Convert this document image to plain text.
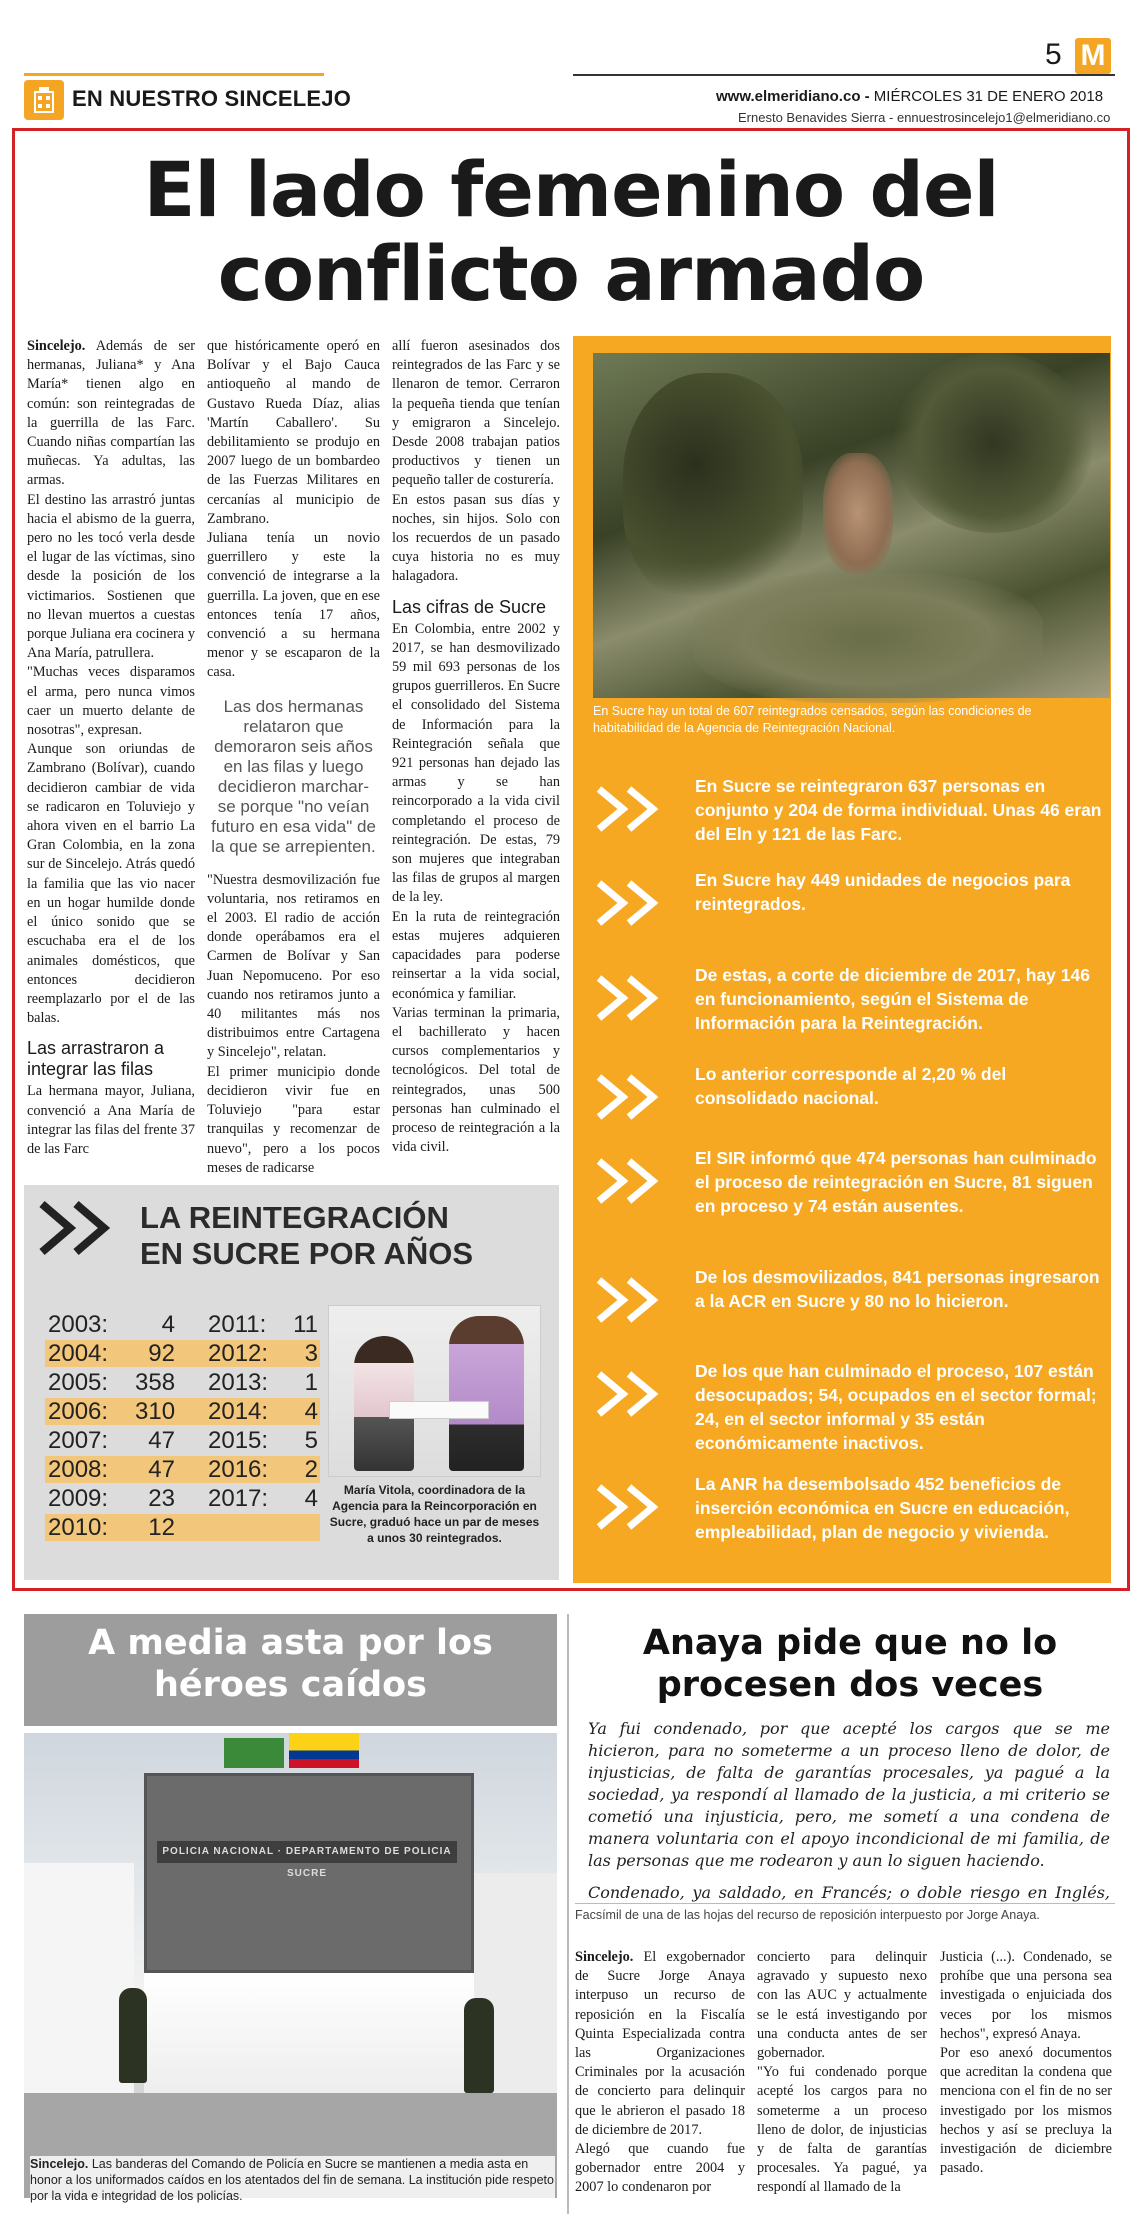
5 M
EN NUESTRO SINCELEJO	www.elmeridiano.co - MIÉRCOLES 31 DE ENERO 2018
Ernesto Benavides Sierra - ennuestrosincelejo1@elmeridiano.co
El lado femenino del
conflicto armado

Sincelejo. Además de ser hermanas, Juliana* y Ana María* tienen algo en común: son reintegradas de la guerrilla de las Farc. Cuando niñas compartían las muñecas. Ya adultas, las armas.

El destino las arrastró juntas hacia el abismo de la guerra, pero no les tocó verla desde el lugar de las víctimas, sino desde la posición de los victimarios. Sostienen que no llevan muertos a cuestas porque Juliana era cocinera y Ana María, patrullera.

"Muchas veces disparamos el arma, pero nunca vimos caer un muerto delante de nosotras", expresan.

Aunque son oriundas de Zambrano (Bolívar), cuando decidieron cambiar de vida se radicaron en Toluviejo y ahora viven en el barrio La Gran Colombia, en la zona sur de Sincelejo. Atrás quedó la familia que las vio nacer en un hogar humilde donde el único sonido que se escuchaba era el de los animales domésticos, que entonces decidieron reemplazarlo por el de las balas.

Las arrastraron a integrar las filas

La hermana mayor, Juliana, convenció a Ana María de integrar las filas del frente 37 de las Farc

que históricamente operó en Bolívar y el Bajo Cauca antioqueño al mando de Gustavo Rueda Díaz, alias 'Martín Caballero'. Su debilitamiento se produjo en 2007 luego de un bombardeo de las Fuerzas Militares en cercanías al municipio de Zambrano.

Juliana tenía un novio guerrillero y este la convenció de integrarse a la guerrilla. La joven, que en ese entonces tenía 17 años, convenció a su hermana menor y se escaparon de la casa.

Las dos hermanas relataron que demoraron seis años en las filas y luego decidieron marchar-se porque "no veían futuro en esa vida" de la que se arrepienten.

"Nuestra desmovilización fue voluntaria, nos retiramos en el 2003. El radio de acción donde operábamos era el Carmen de Bolívar y San Juan Nepomuceno. Por eso cuando nos retiramos junto a 40 militantes más nos distribuimos entre Cartagena y Sincelejo", relatan.

El primer municipio donde decidieron vivir fue en Toluviejo "para estar tranquilas y recomenzar de nuevo", pero a los pocos meses de radicarse

allí fueron asesinados dos reintegrados de las Farc y se llenaron de temor. Cerraron la pequeña tienda que tenían y emigraron a Sincelejo. Desde 2008 trabajan patios productivos y tienen un pequeño taller de costurería.

En estos pasan sus días y noches, sin hijos. Solo con los recuerdos de un pasado cuya historia no es muy halagadora.

Las cifras de Sucre

En Colombia, entre 2002 y 2017, se han desmovilizado 59 mil 693 personas de los grupos guerrilleros. En Sucre el consolidado del Sistema de Información para la Reintegración señala que 921 personas han dejado las armas y se han reincorporado a la vida civil completando el proceso de reintegración. De estas, 79 son mujeres que integraban las filas de grupos al margen de la ley.

En la ruta de reintegración estas mujeres adquieren capacidades para poderse reinsertar a la vida social, económica y familiar.

Varias terminan la primaria, el bachillerato y hacen cursos complementarios y tecnológicos. Del total de reintegrados, unas 500 personas han culminado el proceso de reintegración a la vida civil.

En Sucre hay un total de 607 reintegrados censados, según las condiciones de habitabilidad de la Agencia de Reintegración Nacional.
En Sucre se reintegraron 637 personas en conjunto y 204 de forma individual. Unas 46 eran del Eln y 121 de las Farc.
En Sucre hay 449 unidades de negocios para reintegrados.
De estas, a corte de diciembre de 2017, hay 146 en funcionamiento, según el Sistema de Información para la Reintegración.
Lo anterior corresponde al 2,20 % del consolidado nacional.
El SIR informó que 474 personas han culminado el proceso de reintegración en Sucre, 81 siguen en proceso y 74 están ausentes.
De los desmovilizados, 841 personas ingresaron a la ACR en Sucre y 80 no lo hicieron.
De los que han culminado el proceso, 107 están desocupados; 54, ocupados en el sector formal; 24, en el sector informal y 35 están económicamente inactivos.
La ANR ha desembolsado 452 beneficios de inserción económica en Sucre en educación, empleabilidad, plan de negocio y vivienda.
LA REINTEGRACIÓN
EN SUCRE POR AÑOS
2003:	4 2011:	11
2004:	92 2012:	3
2005: 358 2013:	1
2006: 310 2014:	4
2007:	47 2015:	5
2008:	47 2016:	2
2009:	23 2017:	4
2010:	12
María Vitola, coordinadora de la Agencia para la Reincorporación en Sucre, graduó hace un par de meses a unos 30 reintegrados.
A media asta por los
héroes caídos
POLICIA NACIONAL · DEPARTAMENTO DE POLICIA SUCRE
Sincelejo. Las banderas del Comando de Policía en Sucre se mantienen a media asta en honor a los uniformados caídos en los atentados del fin de semana. La institución pide respeto por la vida e integridad de los policías.
Anaya pide que no lo
procesen dos veces

Ya fui condenado, por que acepté los cargos que se me hicieron, para no someterme a un proceso lleno de dolor, de injusticias, de falta de garantías procesales, ya pagué a la sociedad, ya respondí al llamado de la justicia, a mi criterio se cometió una injusticia, pero, me sometí a una condena de manera voluntaria con el apoyo incondicional de mi familia, de las personas que me rodearon y aun lo siguen haciendo.

Condenado, ya saldado, en Francés; o doble riesgo en Inglés,

Facsímil de una de las hojas del recurso de reposición interpuesto por Jorge Anaya.

Sincelejo. El exgobernador de Sucre Jorge Anaya interpuso un recurso de reposición en la Fiscalía Quinta Especializada contra las Organizaciones Criminales por la acusación de concierto para delinquir que le abrieron el pasado 18 de diciembre de 2017.

Alegó que cuando fue gobernador entre 2004 y 2007 lo condenaron por

concierto para delinquir agravado y supuesto nexo con las AUC y actualmente se le está investigando por una conducta antes de ser gobernador.

"Yo fui condenado porque acepté los cargos para no someterme a un proceso lleno de dolor, de injusticias y de falta de garantías procesales. Ya pagué, ya respondí al llamado de la

Justicia (...). Condenado, se prohíbe que una persona sea investigada o enjuiciada dos veces por los mismos hechos", expresó Anaya.

Por eso anexó documentos que acreditan la condena que menciona con el fin de no ser investigado por los mismos hechos y así se precluya la investigación de diciembre pasado.
